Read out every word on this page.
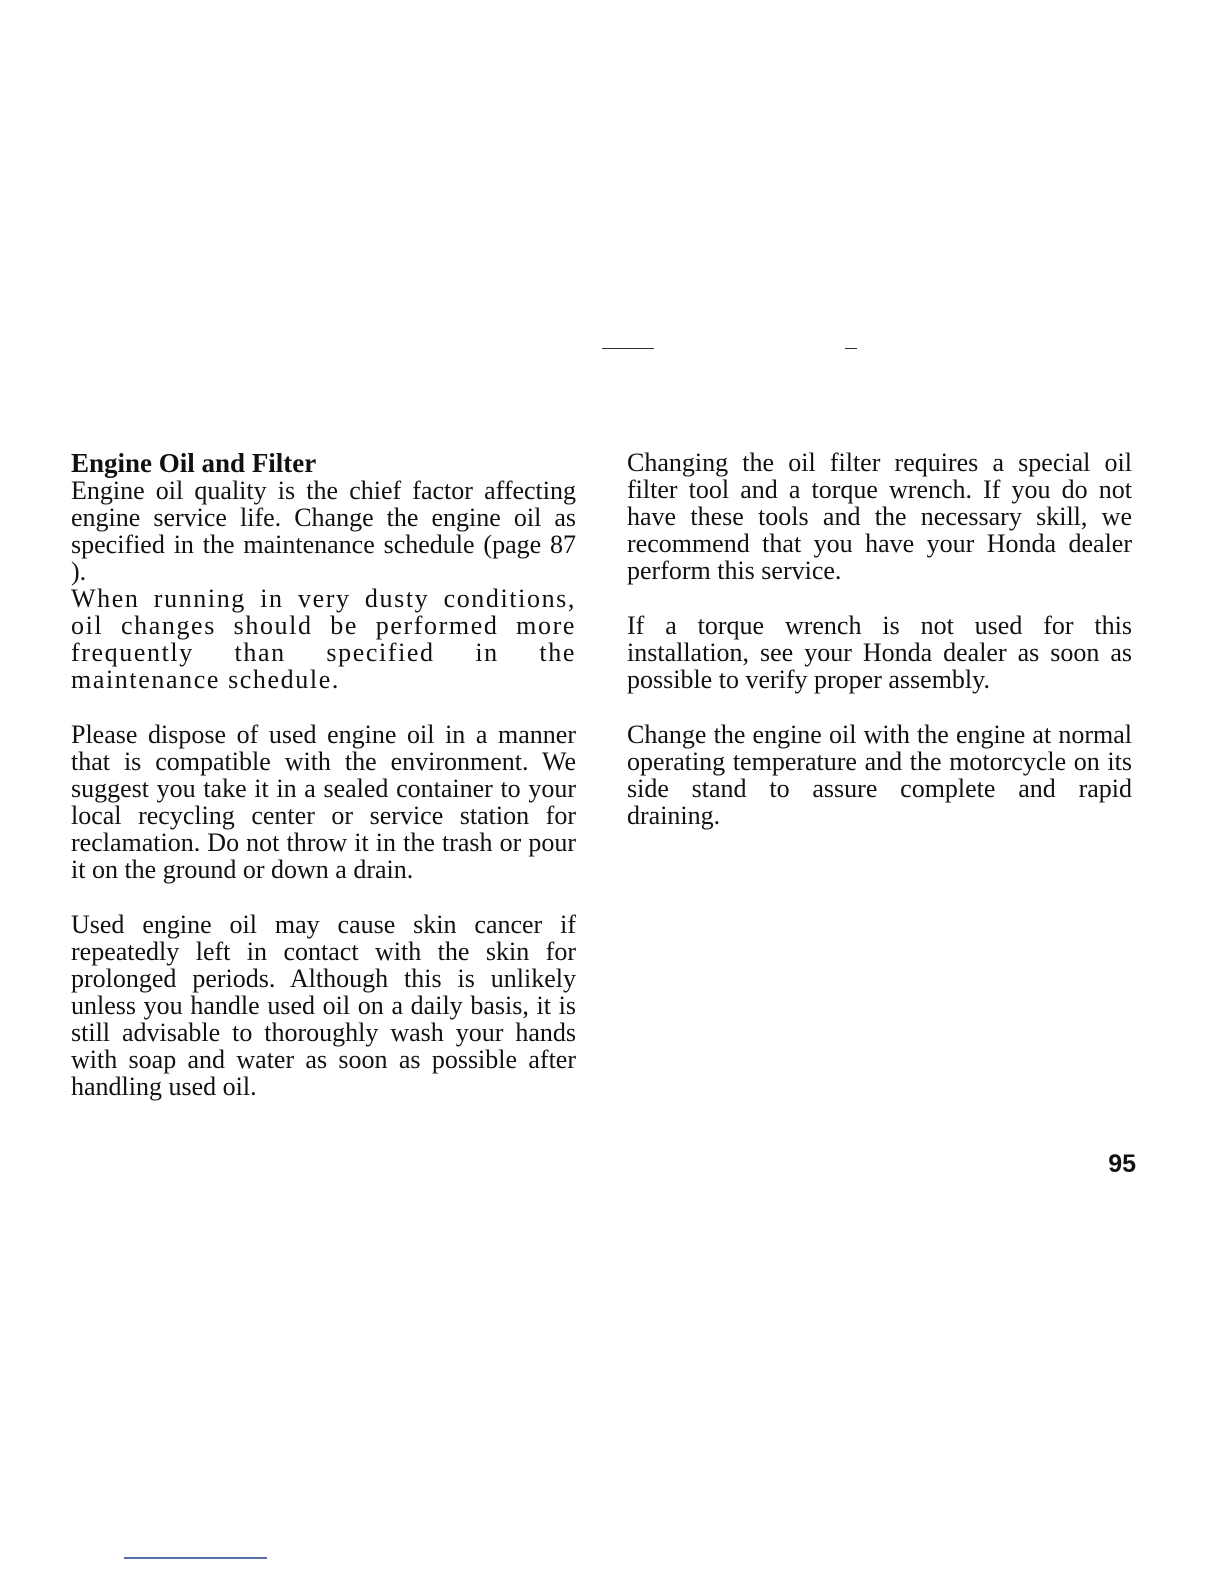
Engine Oil and Filter

Engine oil quality is the chief factor affecting engine service life. Change the engine oil as specified in the maintenance schedule (page 87 ).

When running in very dusty conditions, oil changes should be performed more frequently than specified in the maintenance schedule.

Please dispose of used engine oil in a manner that is compatible with the environment. We suggest you take it in a sealed container to your local recycling center or service station for reclamation. Do not throw it in the trash or pour it on the ground or down a drain.

Used engine oil may cause skin cancer if repeatedly left in contact with the skin for prolonged periods. Although this is unlikely unless you handle used oil on a daily basis, it is still advisable to thoroughly wash your hands with soap and water as soon as possible after handling used oil.

Changing the oil filter requires a special oil filter tool and a torque wrench. If you do not have these tools and the necessary skill, we recommend that you have your Honda dealer perform this service.

If a torque wrench is not used for this installation, see your Honda dealer as soon as possible to verify proper assembly.

Change the engine oil with the engine at normal operating temperature and the motorcycle on its side stand to assure complete and rapid draining.

95
